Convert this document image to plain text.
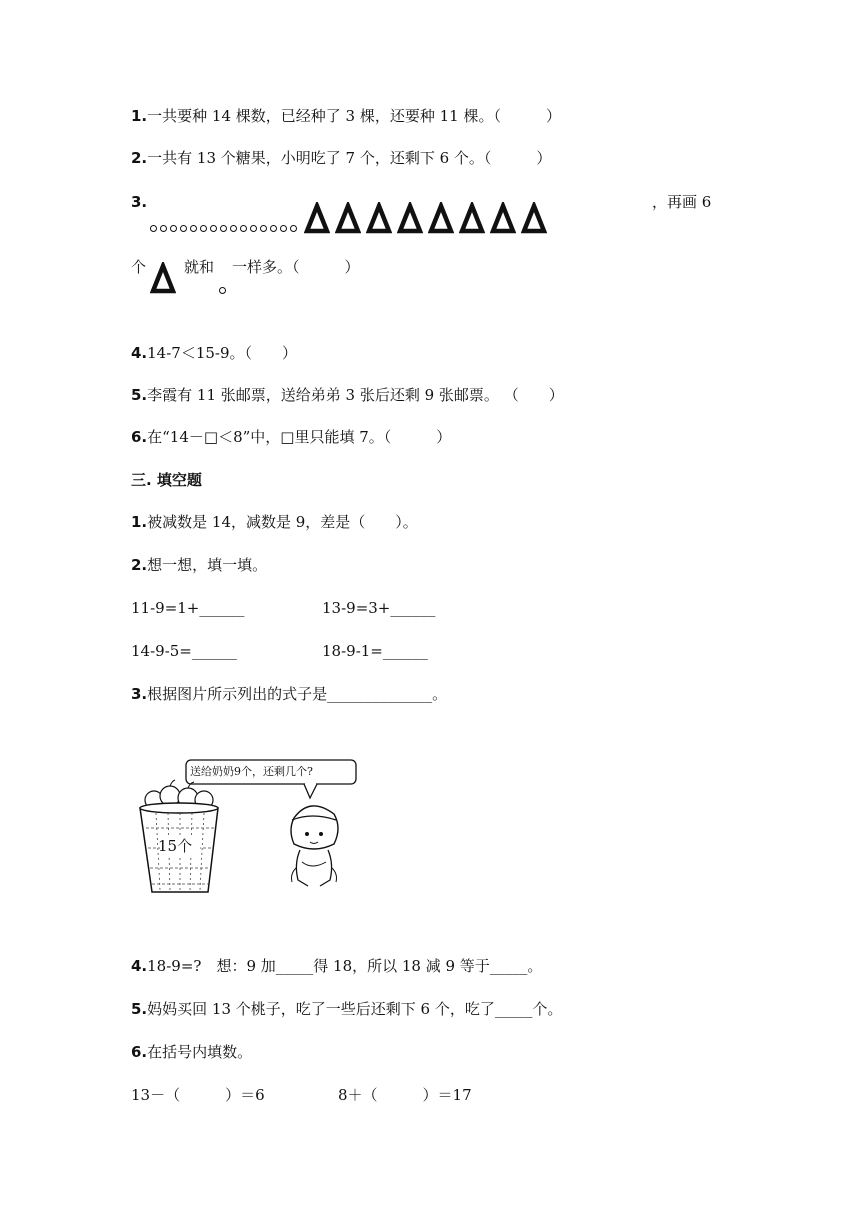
1.一共要种 14 棵数，已经种了 3 棵，还要种 11 棵。（　　　）
2.一共有 13 个糖果，小明吃了 7 个，还剩下 6 个。（　　　）
3.	，再画 6
个	就和 一样多。（　　　）
4.14-7＜15-9。（　　）
5.李霞有 11 张邮票，送给弟弟 3 张后还剩 9 张邮票。 （　　）
6.在“14－□＜8”中，□里只能填 7。（　　　）
三. 填空题
1.被减数是 14，减数是 9，差是（　　）。
2.想一想，填一填。
11-9=1+______	13-9=3+______
14-9-5=______	18-9-1=______
3.根据图片所示列出的式子是______________。
送给奶奶9个，还剩几个?
15个
4.18-9=?　想：9 加_____得 18，所以 18 减 9 等于_____。
5.妈妈买回 13 个桃子，吃了一些后还剩下 6 个，吃了_____个。
6.在括号内填数。
13－（　　　）＝6	8＋（　　　）＝17
